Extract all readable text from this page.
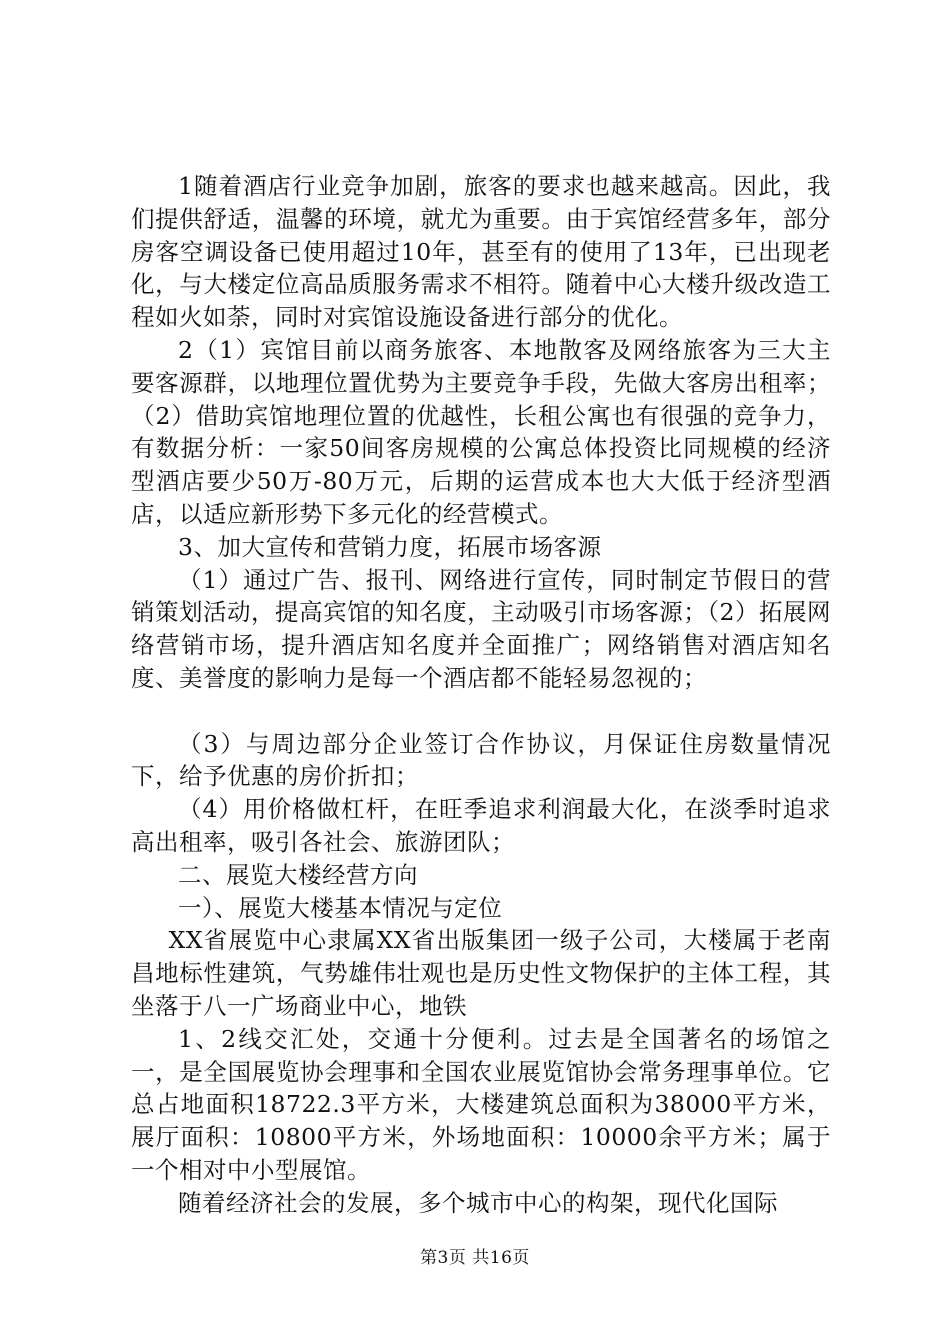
1随着酒店行业竞争加剧，旅客的要求也越来越高。因此，我们提供舒适，温馨的环境，就尤为重要。由于宾馆经营多年，部分房客空调设备已使用超过10年，甚至有的使用了13年，已出现老化，与大楼定位高品质服务需求不相符。随着中心大楼升级改造工程如火如荼，同时对宾馆设施设备进行部分的优化。

2（1）宾馆目前以商务旅客、本地散客及网络旅客为三大主要客源群，以地理位置优势为主要竞争手段，先做大客房出租率；（2）借助宾馆地理位置的优越性，长租公寓也有很强的竞争力，有数据分析：一家50间客房规模的公寓总体投资比同规模的经济型酒店要少50万-80万元，后期的运营成本也大大低于经济型酒店，以适应新形势下多元化的经营模式。

3、加大宣传和营销力度，拓展市场客源

（1）通过广告、报刊、网络进行宣传，同时制定节假日的营销策划活动，提高宾馆的知名度，主动吸引市场客源；（2）拓展网络营销市场，提升酒店知名度并全面推广；网络销售对酒店知名度、美誉度的影响力是每一个酒店都不能轻易忽视的；

（3）与周边部分企业签订合作协议，月保证住房数量情况下，给予优惠的房价折扣；

（4）用价格做杠杆，在旺季追求利润最大化，在淡季时追求高出租率，吸引各社会、旅游团队；

二、展览大楼经营方向

一）、展览大楼基本情况与定位

XX省展览中心隶属XX省出版集团一级子公司，大楼属于老南昌地标性建筑，气势雄伟壮观也是历史性文物保护的主体工程，其坐落于八一广场商业中心，地铁

1、2线交汇处，交通十分便利。过去是全国著名的场馆之一，是全国展览协会理事和全国农业展览馆协会常务理事单位。它总占地面积18722.3平方米，大楼建筑总面积为38000平方米，展厅面积：10800平方米，外场地面积：10000余平方米；属于一个相对中小型展馆。

随着经济社会的发展，多个城市中心的构架，现代化国际

第3页 共16页
